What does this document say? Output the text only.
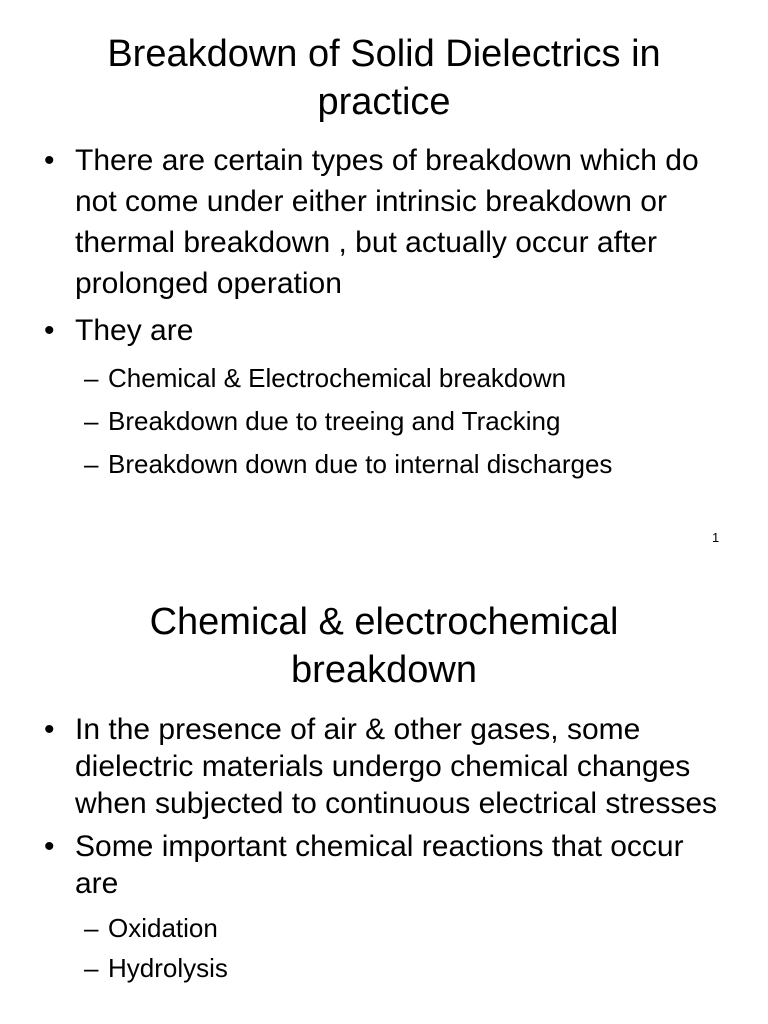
Breakdown of Solid Dielectrics in
practice
• There are certain types of breakdown which do not come under either intrinsic breakdown or thermal breakdown , but actually occur after prolonged operation
• They are
– Chemical & Electrochemical breakdown
– Breakdown due to treeing and Tracking
– Breakdown down due to internal discharges
1
Chemical & electrochemical
breakdown
• In the presence of air & other gases, some dielectric materials undergo chemical changes when subjected to continuous electrical stresses
• Some important chemical reactions that occur are
– Oxidation
– Hydrolysis
